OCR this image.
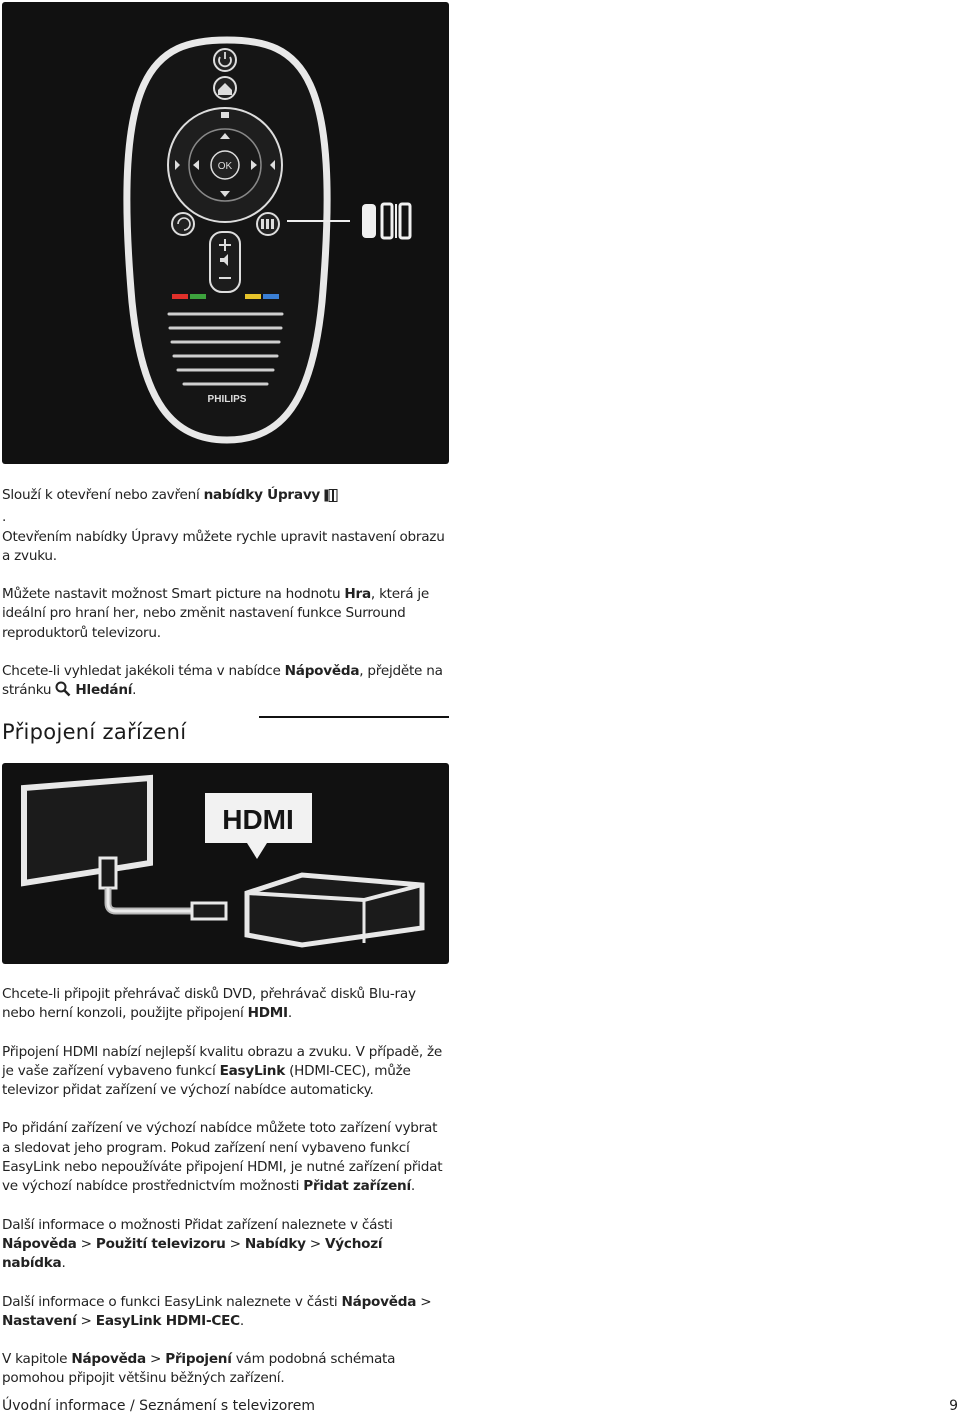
OK
PHILIPS

Slouží k otevření nebo zavření nabídky Úpravy
.
Otevřením nabídky Úpravy můžete rychle upravit nastavení obrazu a zvuku.

Můžete nastavit možnost Smart picture na hodnotu Hra, která je ideální pro hraní her, nebo změnit nastavení funkce Surround reproduktorů televizoru.

Chcete-li vyhledat jakékoli téma v nabídce Nápověda, přejděte na stránku  Hledání.

Připojení zařízení
HDMI

Chcete-li připojit přehrávač disků DVD, přehrávač disků Blu-ray nebo herní konzoli, použijte připojení HDMI.

Připojení HDMI nabízí nejlepší kvalitu obrazu a zvuku. V případě, že je vaše zařízení vybaveno funkcí EasyLink (HDMI-CEC), může televizor přidat zařízení ve výchozí nabídce automaticky.

Po přidání zařízení ve výchozí nabídce můžete toto zařízení vybrat a sledovat jeho program. Pokud zařízení není vybaveno funkcí EasyLink nebo nepoužíváte připojení HDMI, je nutné zařízení přidat ve výchozí nabídce prostřednictvím možnosti Přidat zařízení.

Další informace o možnosti Přidat zařízení naleznete v části Nápověda > Použití televizoru > Nabídky > Výchozí nabídka.

Další informace o funkci EasyLink naleznete v části Nápověda > Nastavení > EasyLink HDMI-CEC.

V kapitole Nápověda > Připojení vám podobná schémata pomohou připojit většinu běžných zařízení.

Úvodní informace / Seznámení s televizorem	9
